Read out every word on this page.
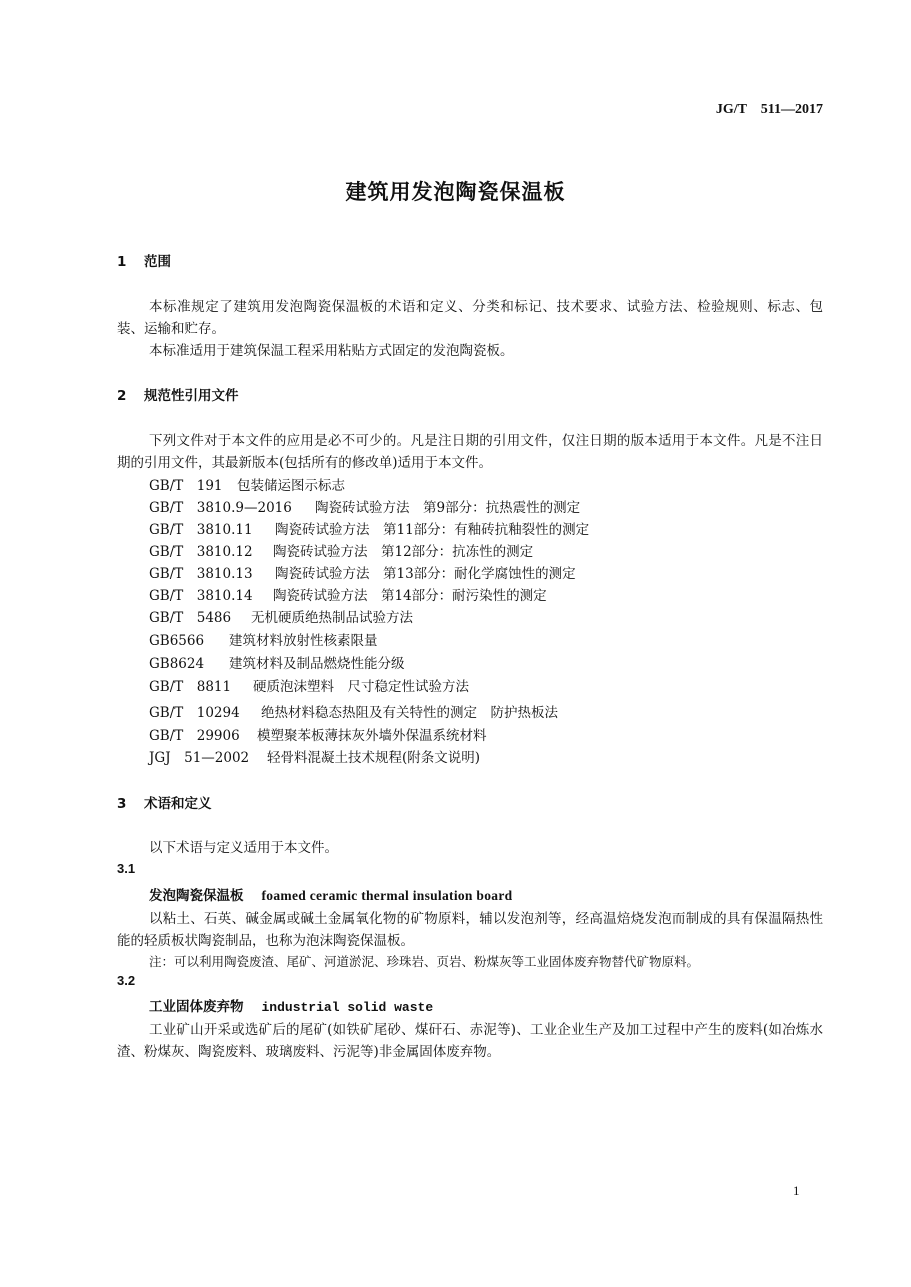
JG/T　511—2017
建筑用发泡陶瓷保温板
1 范围
本标准规定了建筑用发泡陶瓷保温板的术语和定义、分类和标记、技术要求、试验方法、检验规则、标志、包装、运输和贮存。
本标准适用于建筑保温工程采用粘贴方式固定的发泡陶瓷板。
2 规范性引用文件
下列文件对于本文件的应用是必不可少的。凡是注日期的引用文件，仅注日期的版本适用于本文件。凡是不注日期的引用文件，其最新版本(包括所有的修改单)适用于本文件。
GB/T　191 包装储运图示标志
GB/T　3810.9—2016 陶瓷砖试验方法　第9部分：抗热震性的测定
GB/T　3810.11 陶瓷砖试验方法　第11部分：有釉砖抗釉裂性的测定
GB/T　3810.12 陶瓷砖试验方法　第12部分：抗冻性的测定
GB/T　3810.13 陶瓷砖试验方法　第13部分：耐化学腐蚀性的测定
GB/T　3810.14 陶瓷砖试验方法　第14部分：耐污染性的测定
GB/T　5486 无机硬质绝热制品试验方法
GB6566 建筑材料放射性核素限量
GB8624 建筑材料及制品燃烧性能分级
GB/T　8811 硬质泡沫塑料　尺寸稳定性试验方法
GB/T　10294 绝热材料稳态热阻及有关特性的测定　防护热板法
GB/T　29906 模塑聚苯板薄抹灰外墙外保温系统材料
JGJ　51—2002 轻骨料混凝土技术规程(附条文说明)
3 术语和定义
以下术语与定义适用于本文件。
3.1
发泡陶瓷保温板 foamed ceramic thermal insulation board
以粘土、石英、碱金属或碱土金属氧化物的矿物原料，辅以发泡剂等，经高温焙烧发泡而制成的具有保温隔热性能的轻质板状陶瓷制品，也称为泡沫陶瓷保温板。
注：可以利用陶瓷废渣、尾矿、河道淤泥、珍珠岩、页岩、粉煤灰等工业固体废弃物替代矿物原料。
3.2
工业固体废弃物 industrial solid waste
工业矿山开采或选矿后的尾矿(如铁矿尾砂、煤矸石、赤泥等)、工业企业生产及加工过程中产生的废料(如冶炼水渣、粉煤灰、陶瓷废料、玻璃废料、污泥等)非金属固体废弃物。
1
